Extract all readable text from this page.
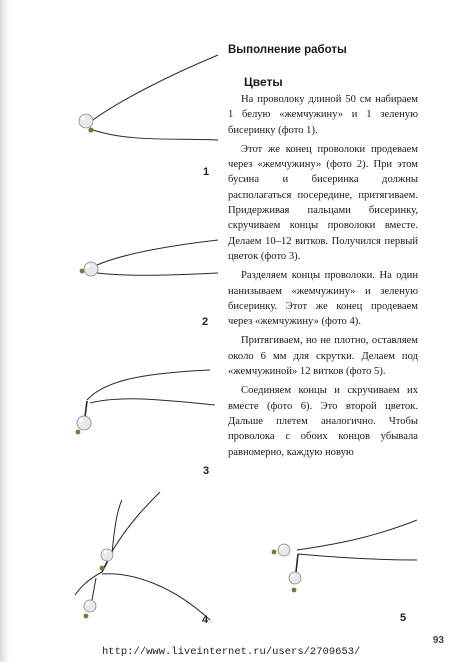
1
2
3
4	5
Выполнение работы
Цветы

На проволоку длиной 50 см набираем 1 белую «жемчужину» и 1 зеленую бисеринку (фото 1).

Этот же конец проволоки продеваем через «жемчужину» (фото 2). При этом бусина и бисеринка должны располагаться посередине, притягиваем. Придерживая пальцами бисеринку, скручиваем концы проволоки вместе. Делаем 10–12 витков. Получился первый цветок (фото 3).

Разделяем концы проволоки. На один нанизываем «жемчужину» и зеленую бисеринку. Этот же конец продеваем через «жемчужину» (фото 4).

Притягиваем, но не плотно, оставляем около 6 мм для скрутки. Делаем под «жемчужиной» 12 витков (фото 5).

Соединяем концы и скручиваем их вместе (фото 6). Это второй цветок. Дальше плетем аналогично. Чтобы проволока с обоих концов убывала равномерно, каждую новую

93
http://www.liveinternet.ru/users/2709653/
